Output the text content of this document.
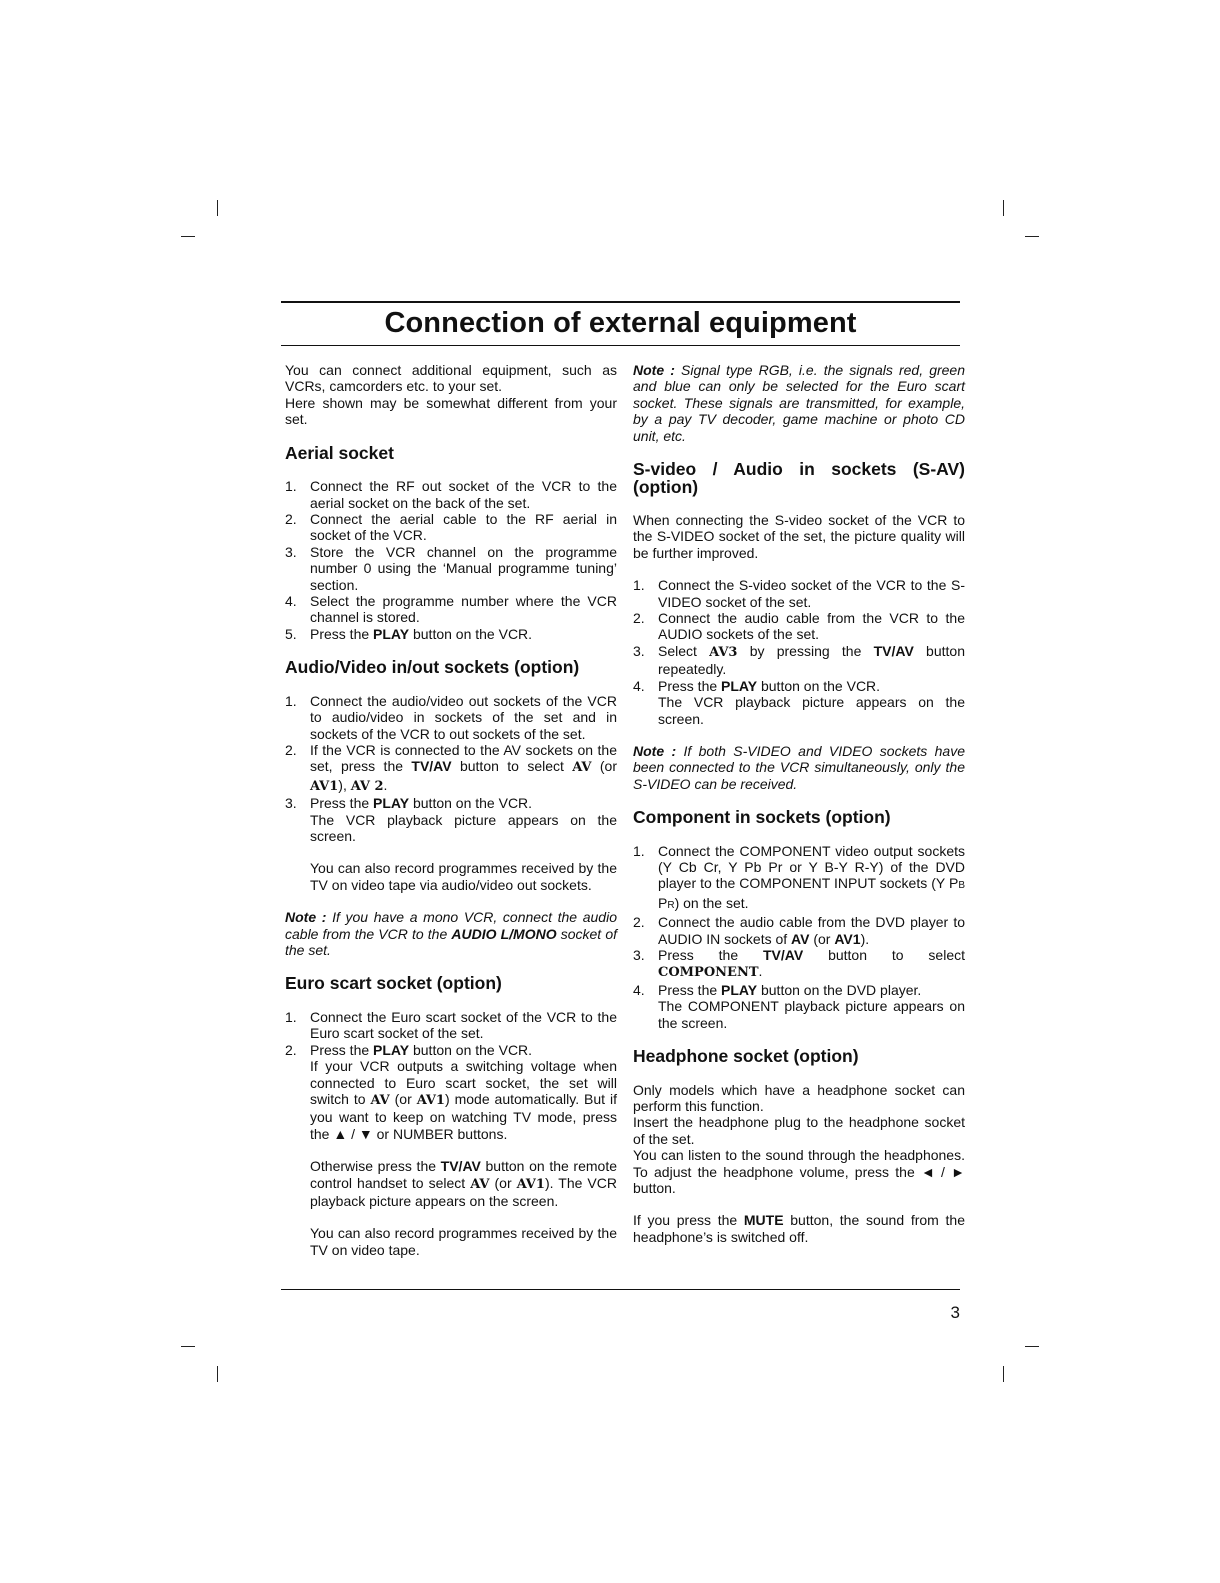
Connection of external equipment

You can connect additional equipment, such as VCRs, camcorders etc. to your set.

Here shown may be somewhat different from your set.

Aerial socket
1. Connect the RF out socket of the VCR to the aerial socket on the back of the set.
2. Connect the aerial cable to the RF aerial in socket of the VCR.
3. Store the VCR channel on the programme number 0 using the ‘Manual programme tuning’ section.
4. Select the programme number where the VCR channel is stored.
5. Press the PLAY button on the VCR.
Audio/Video in/out sockets (option)
1. Connect the audio/video out sockets of the VCR to audio/video in sockets of the set and in sockets of the VCR to out sockets of the set.
2. If the VCR is connected to the AV sockets on the set, press the TV/AV button to select AV (or AV1), AV 2.
3. Press the PLAY button on the VCR.

The VCR playback picture appears on the screen.

You can also record programmes received by the TV on video tape via audio/video out sockets.

Note : If you have a mono VCR, connect the audio cable from the VCR to the AUDIO L/MONO socket of the set.

Euro scart socket (option)
1. Connect the Euro scart socket of the VCR to the Euro scart socket of the set.
2. Press the PLAY button on the VCR.

If your VCR outputs a switching voltage when connected to Euro scart socket, the set will switch to AV (or AV1) mode automatically. But if you want to keep on watching TV mode, press the ▲ / ▼ or NUMBER buttons.

Otherwise press the TV/AV button on the remote control handset to select AV (or AV1). The VCR playback picture appears on the screen.

You can also record programmes received by the TV on video tape.

Note : Signal type RGB, i.e. the signals red, green and blue can only be selected for the Euro scart socket. These signals are transmitted, for example, by a pay TV decoder, game machine or photo CD unit, etc.

S-video / Audio in sockets (S-AV) (option)

When connecting the S-video socket of the VCR to the S-VIDEO socket of the set, the picture quality will be further improved.

1. Connect the S-video socket of the VCR to the S-VIDEO socket of the set.
2. Connect the audio cable from the VCR to the AUDIO sockets of the set.
3. Select AV3 by pressing the TV/AV button repeatedly.
4. Press the PLAY button on the VCR.

The VCR playback picture appears on the screen.

Note : If both S-VIDEO and VIDEO sockets have been connected to the VCR simultaneously, only the S-VIDEO can be received.

Component in sockets (option)
1. Connect the COMPONENT video output sockets (Y Cb Cr, Y Pb Pr or Y B-Y R-Y) of the DVD player to the COMPONENT INPUT sockets (Y PB PR) on the set.
2. Connect the audio cable from the DVD player to AUDIO IN sockets of AV (or AV1).
3. Press the TV/AV button to select COMPONENT.
4. Press the PLAY button on the DVD player.

The COMPONENT playback picture appears on the screen.

Headphone socket (option)

Only models which have a headphone socket can perform this function.

Insert the headphone plug to the headphone socket of the set.

You can listen to the sound through the headphones. To adjust the headphone volume, press the ◄ / ► button.

If you press the MUTE button, the sound from the headphone’s is switched off.

3
